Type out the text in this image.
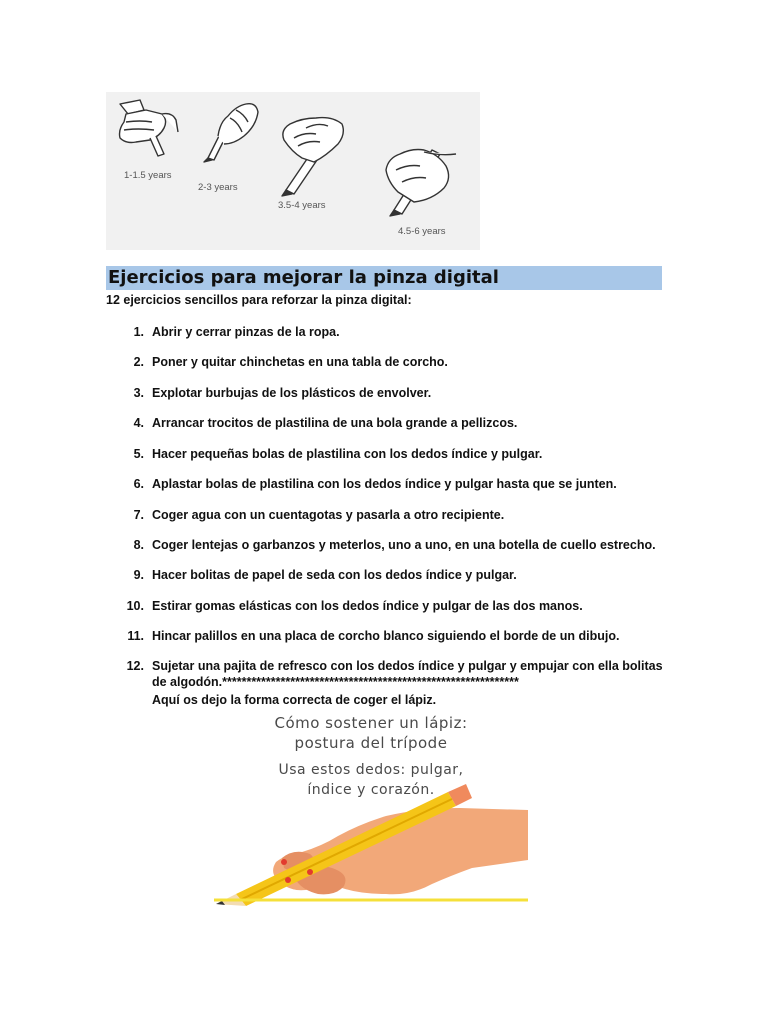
1-1.5 years
2-3 years
3.5-4 years
4.5-6 years
Ejercicios para mejorar la pinza digital
12 ejercicios sencillos para reforzar la pinza digital:
1. Abrir y cerrar pinzas de la ropa.
2. Poner y quitar chinchetas en una tabla de corcho.
3. Explotar burbujas de los plásticos de envolver.
4. Arrancar trocitos de plastilina de una bola grande a pellizcos.
5. Hacer pequeñas bolas de plastilina con los dedos índice y pulgar.
6. Aplastar bolas de plastilina con los dedos índice y pulgar hasta que se junten.
7. Coger agua con un cuentagotas y pasarla a otro recipiente.
8. Coger lentejas o garbanzos y meterlos, uno a uno, en una botella de cuello estrecho.
9. Hacer bolitas de papel de seda con los dedos índice y pulgar.
10. Estirar gomas elásticas con los dedos índice y pulgar de las dos manos.
11. Hincar palillos en una placa de corcho blanco siguiendo el borde de un dibujo.
12. Sujetar una pajita de refresco con los dedos índice y pulgar y empujar con ella bolitas de algodón.*************************************************************
Aquí os dejo la forma correcta de coger el lápiz.
Cómo sostener un lápiz:
postura del trípode
Usa estos dedos: pulgar,
índice y corazón.
